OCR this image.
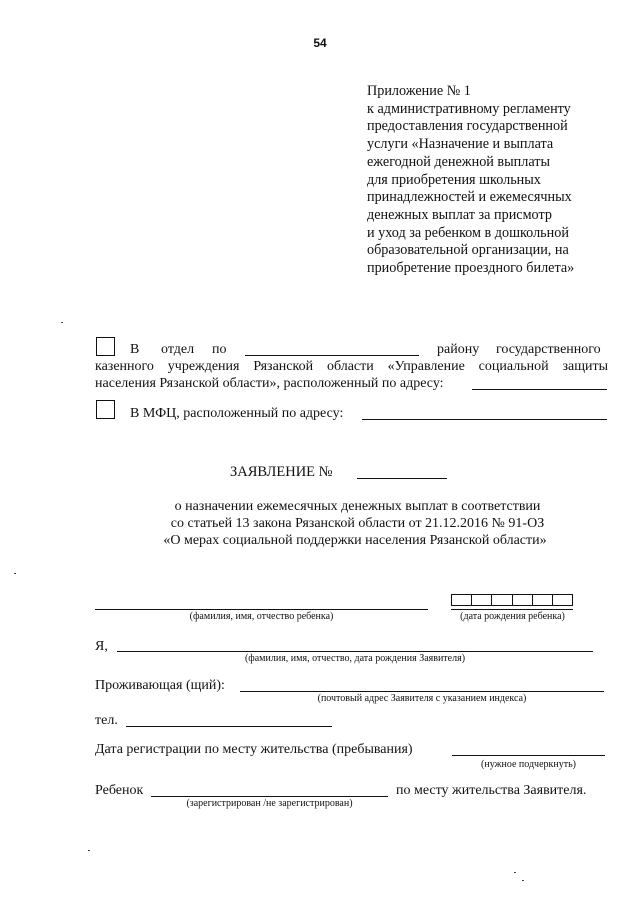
54
Приложение № 1
к административному регламенту
предоставления государственной
услуги «Назначение и выплата
ежегодной денежной выплаты
для приобретения школьных
принадлежностей и ежемесячных
денежных выплат за присмотр
и уход за ребенком в дошкольной
образовательной организации, на
приобретение проездного билета»
В отдел по	району государственного
казенного учреждения Рязанской области «Управление социальной защиты
населения Рязанской области», расположенный по адресу:
В МФЦ, расположенный по адресу:
ЗАЯВЛЕНИЕ №
о назначении ежемесячных денежных выплат в соответствии
со статьей 13 закона Рязанской области от 21.12.2016 № 91-ОЗ
«О мерах социальной поддержки населения Рязанской области»
(фамилия, имя, отчество ребенка)	(дата рождения ребенка)
Я,
(фамилия, имя, отчество, дата рождения Заявителя)
Проживающая (щий):
(почтовый адрес Заявителя с указанием индекса)
тел.
Дата регистрации по месту жительства (пребывания)
(нужное подчеркнуть)
Ребенок	по месту жительства Заявителя.
(зарегистрирован /не зарегистрирован)
